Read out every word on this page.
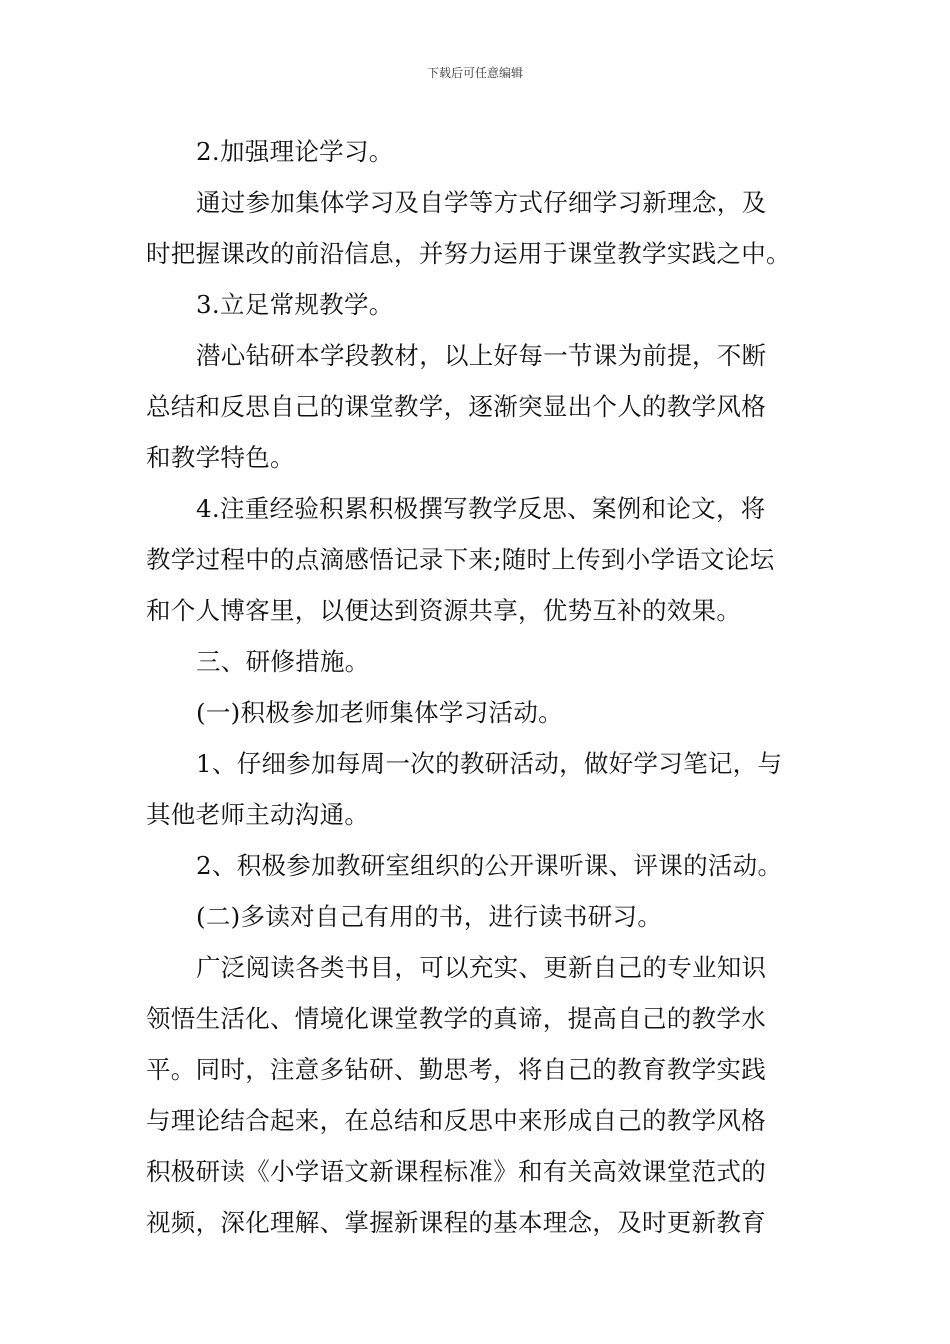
下载后可任意编辑
2.加强理论学习。
通过参加集体学习及自学等方式仔细学习新理念，及
时把握课改的前沿信息，并努力运用于课堂教学实践之中。
3.立足常规教学。
潜心钻研本学段教材，以上好每一节课为前提，不断
总结和反思自己的课堂教学，逐渐突显出个人的教学风格
和教学特色。
4.注重经验积累积极撰写教学反思、案例和论文，将
教学过程中的点滴感悟记录下来;随时上传到小学语文论坛
和个人博客里，以便达到资源共享，优势互补的效果。
三、研修措施。
(一)积极参加老师集体学习活动。
1、仔细参加每周一次的教研活动，做好学习笔记，与
其他老师主动沟通。
2、积极参加教研室组织的公开课听课、评课的活动。
(二)多读对自己有用的书，进行读书研习。
广泛阅读各类书目，可以充实、更新自己的专业知识
领悟生活化、情境化课堂教学的真谛，提高自己的教学水
平。同时，注意多钻研、勤思考，将自己的教育教学实践
与理论结合起来，在总结和反思中来形成自己的教学风格
积极研读《小学语文新课程标准》和有关高效课堂范式的
视频，深化理解、掌握新课程的基本理念，及时更新教育
